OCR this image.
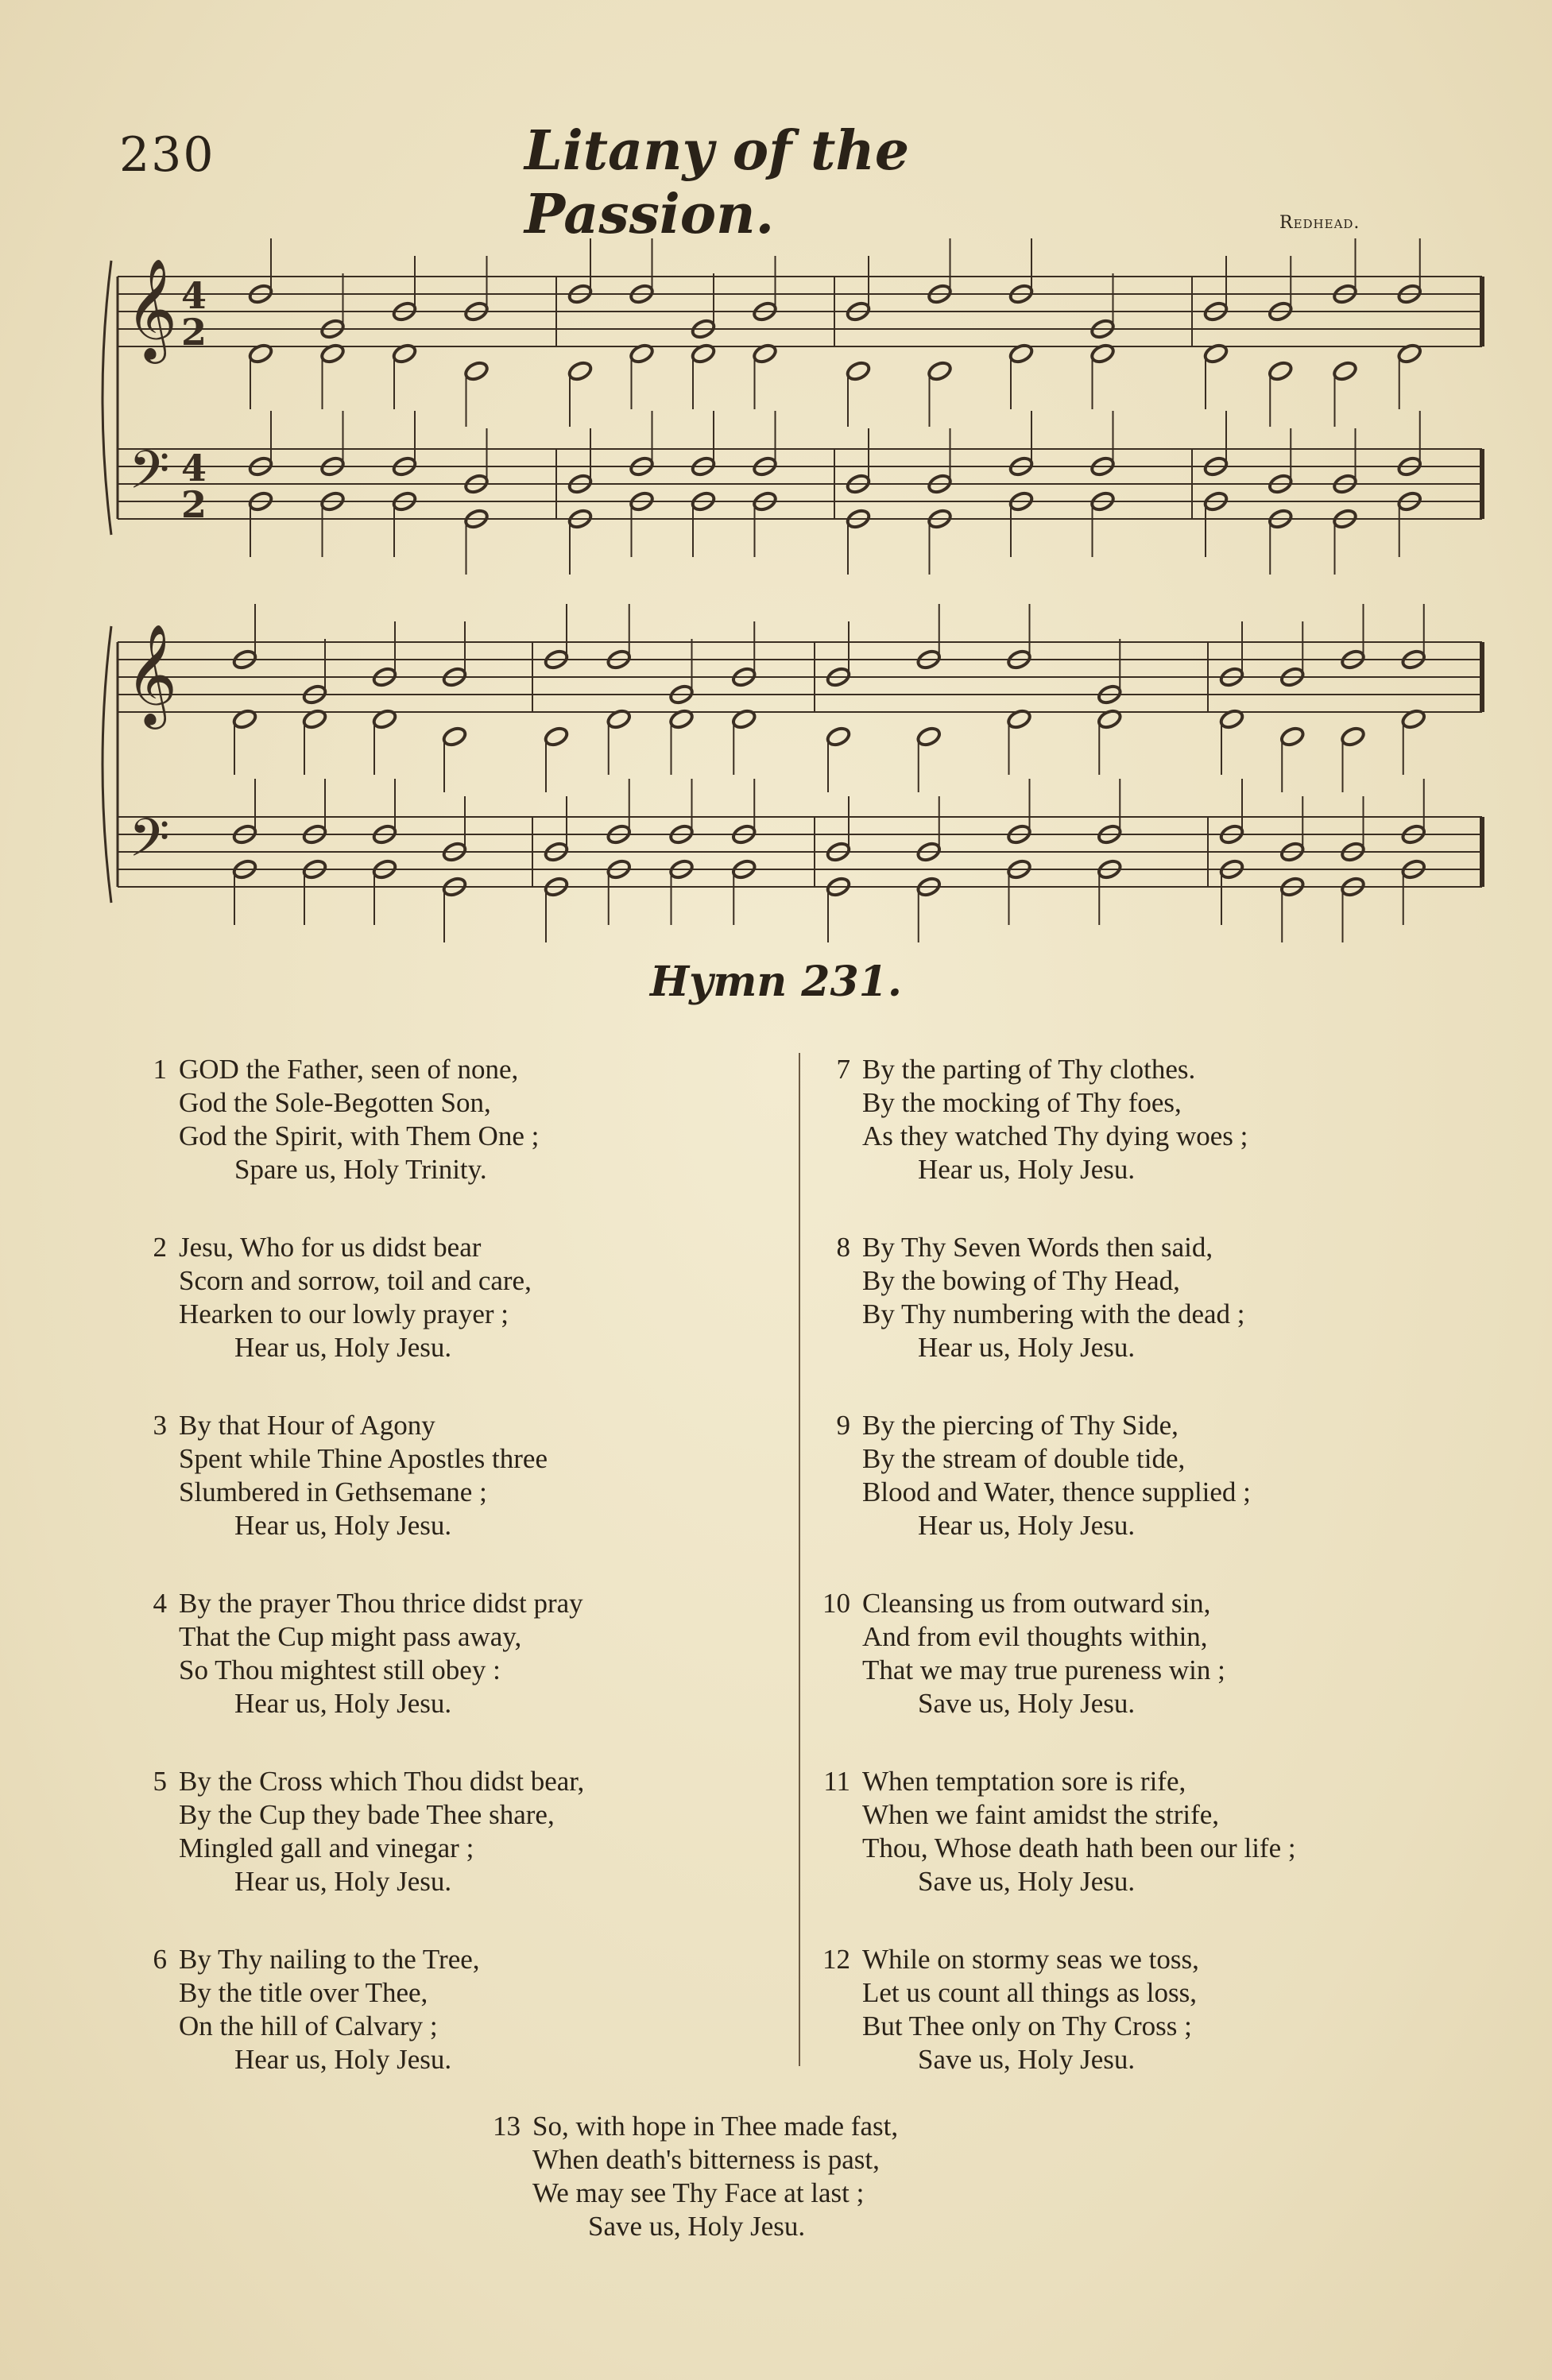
230	Litany of the Passion.	Redhead.
𝄞
𝄢
4
2
4
2
𝄞
𝄢
Hymn 231.
1 GOD the Father, seen of none,
God the Sole-Begotten Son,
God the Spirit, with Them One ;
Spare us, Holy Trinity.
2 Jesu, Who for us didst bear
Scorn and sorrow, toil and care,
Hearken to our lowly prayer ;
Hear us, Holy Jesu.
3 By that Hour of Agony
Spent while Thine Apostles three
Slumbered in Gethsemane ;
Hear us, Holy Jesu.
4 By the prayer Thou thrice didst pray
That the Cup might pass away,
So Thou mightest still obey :
Hear us, Holy Jesu.
5 By the Cross which Thou didst bear,
By the Cup they bade Thee share,
Mingled gall and vinegar ;
Hear us, Holy Jesu.
6 By Thy nailing to the Tree,
By the title over Thee,
On the hill of Calvary ;
Hear us, Holy Jesu.
7 By the parting of Thy clothes.
By the mocking of Thy foes,
As they watched Thy dying woes ;
Hear us, Holy Jesu.
8 By Thy Seven Words then said,
By the bowing of Thy Head,
By Thy numbering with the dead ;
Hear us, Holy Jesu.
9 By the piercing of Thy Side,
By the stream of double tide,
Blood and Water, thence supplied ;
Hear us, Holy Jesu.
10 Cleansing us from outward sin,
And from evil thoughts within,
That we may true pureness win ;
Save us, Holy Jesu.
11 When temptation sore is rife,
When we faint amidst the strife,
Thou, Whose death hath been our life ;
Save us, Holy Jesu.
12 While on stormy seas we toss,
Let us count all things as loss,
But Thee only on Thy Cross ;
Save us, Holy Jesu.
13 So, with hope in Thee made fast,
When death's bitterness is past,
We may see Thy Face at last ;
Save us, Holy Jesu.
